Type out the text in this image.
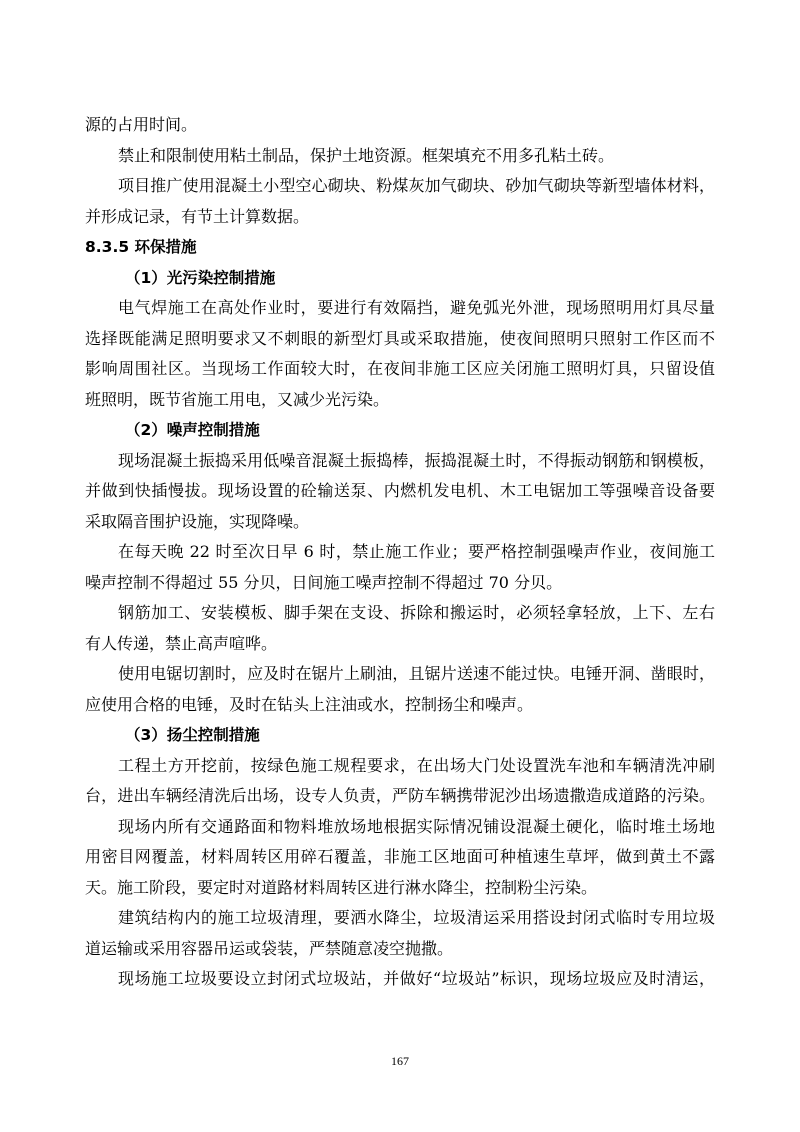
源的占用时间。
禁止和限制使用粘土制品，保护土地资源。框架填充不用多孔粘土砖。
项目推广使用混凝土小型空心砌块、粉煤灰加气砌块、砂加气砌块等新型墙体材料，
并形成记录，有节土计算数据。
8.3.5 环保措施
（1）光污染控制措施
电气焊施工在高处作业时，要进行有效隔挡，避免弧光外泄，现场照明用灯具尽量
选择既能满足照明要求又不刺眼的新型灯具或采取措施，使夜间照明只照射工作区而不
影响周围社区。当现场工作面较大时，在夜间非施工区应关闭施工照明灯具，只留设值
班照明，既节省施工用电，又减少光污染。
（2）噪声控制措施
现场混凝土振捣采用低噪音混凝土振捣棒，振捣混凝土时，不得振动钢筋和钢模板，
并做到快插慢拔。现场设置的砼输送泵、内燃机发电机、木工电锯加工等强噪音设备要
采取隔音围护设施，实现降噪。
在每天晚 22 时至次日早 6 时，禁止施工作业；要严格控制强噪声作业，夜间施工
噪声控制不得超过 55 分贝，日间施工噪声控制不得超过 70 分贝。
钢筋加工、安装模板、脚手架在支设、拆除和搬运时，必须轻拿轻放，上下、左右
有人传递，禁止高声喧哗。
使用电锯切割时，应及时在锯片上刷油，且锯片送速不能过快。电锤开洞、凿眼时，
应使用合格的电锤，及时在钻头上注油或水，控制扬尘和噪声。
（3）扬尘控制措施
工程土方开挖前，按绿色施工规程要求，在出场大门处设置洗车池和车辆清洗冲刷
台，进出车辆经清洗后出场，设专人负责，严防车辆携带泥沙出场遗撒造成道路的污染。
现场内所有交通路面和物料堆放场地根据实际情况铺设混凝土硬化，临时堆土场地
用密目网覆盖，材料周转区用碎石覆盖，非施工区地面可种植速生草坪，做到黄土不露
天。施工阶段，要定时对道路材料周转区进行淋水降尘，控制粉尘污染。
建筑结构内的施工垃圾清理，要洒水降尘，垃圾清运采用搭设封闭式临时专用垃圾
道运输或采用容器吊运或袋装，严禁随意凌空抛撒。
现场施工垃圾要设立封闭式垃圾站，并做好“垃圾站”标识，现场垃圾应及时清运，
167
